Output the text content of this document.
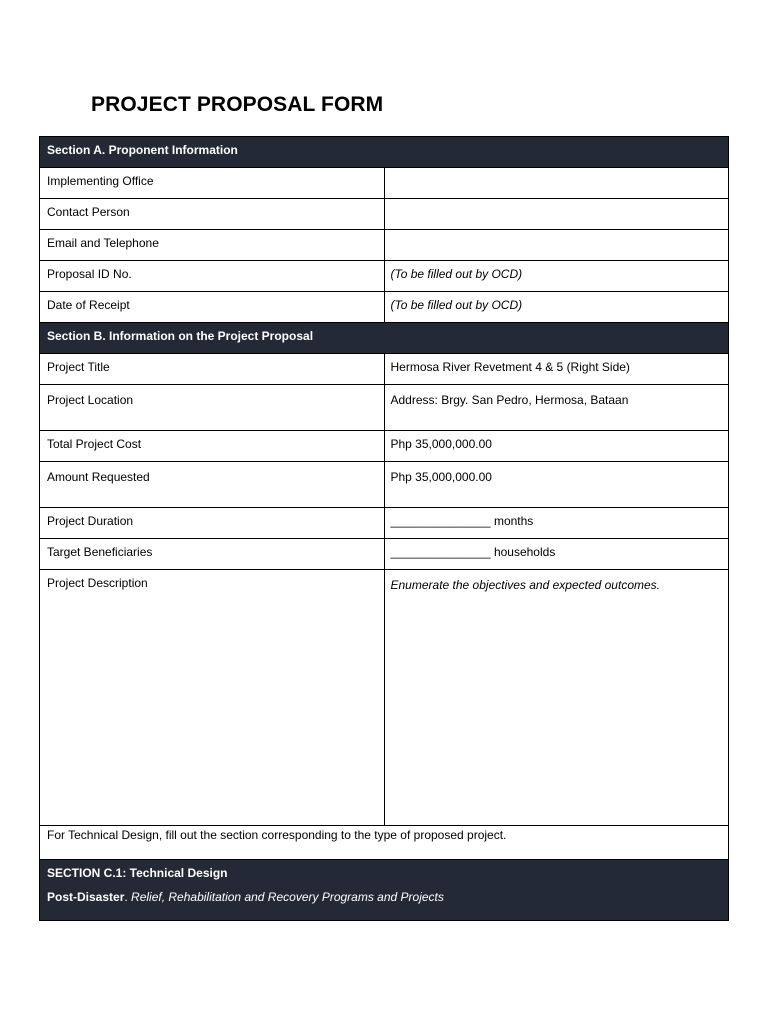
PROJECT PROPOSAL FORM
Section A. Proponent Information	
Implementing Office	
Contact Person	
Email and Telephone	
Proposal ID No.	(To be filled out by OCD)
Date of Receipt	(To be filled out by OCD)
Section B. Information on the Project Proposal	
Project Title	Hermosa River Revetment 4 & 5 (Right Side)
Project Location	Address: Brgy. San Pedro, Hermosa, Bataan
Total Project Cost	Php 35,000,000.00
Amount Requested	Php 35,000,000.00
Project Duration	_______________ months
Target Beneficiaries	_______________ households
Project Description	Enumerate the objectives and expected outcomes.
For Technical Design, fill out the section corresponding to the type of proposed project.	

SECTION C.1: Technical Design
Post-Disaster. Relief, Rehabilitation and Recovery Programs and Projects	
